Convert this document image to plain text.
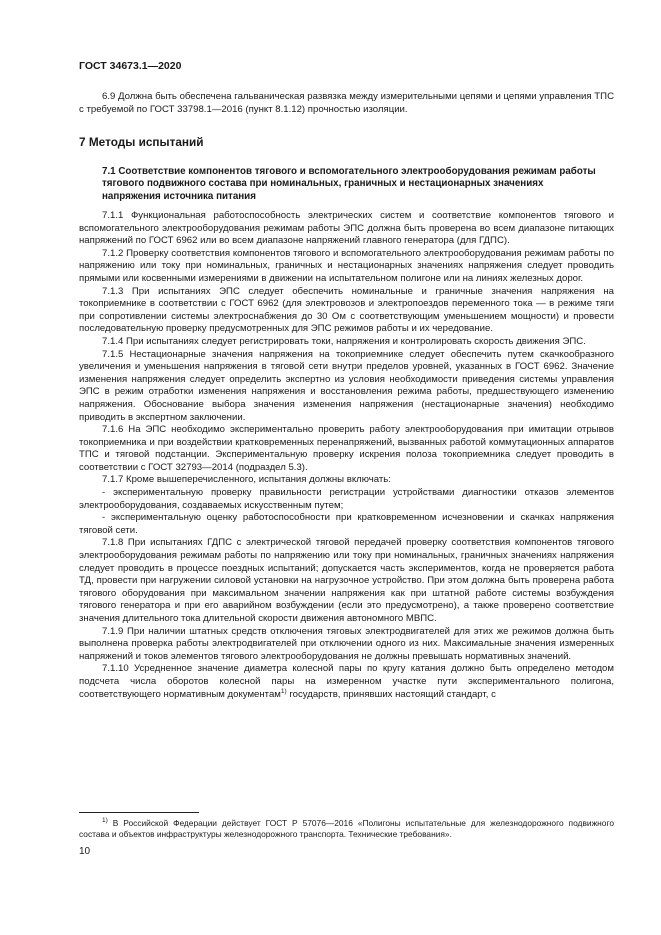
ГОСТ 34673.1—2020

6.9 Должна быть обеспечена гальваническая развязка между измерительными цепями и цепями управления ТПС с требуемой по ГОСТ 33798.1—2016 (пункт 8.1.12) прочностью изоляции.

7 Методы испытаний
7.1 Соответствие компонентов тягового и вспомогательного электрооборудования режимам работы тягового подвижного состава при номинальных, граничных и нестационарных значениях напряжения источника питания

7.1.1 Функциональная работоспособность электрических систем и соответствие компонентов тягового и вспомогательного электрооборудования режимам работы ЭПС должна быть проверена во всем диапазоне питающих напряжений по ГОСТ 6962 или во всем диапазоне напряжений главного генератора (для ГДПС).

7.1.2 Проверку соответствия компонентов тягового и вспомогательного электрооборудования режимам работы по напряжению или току при номинальных, граничных и нестационарных значениях напряжения следует проводить прямыми или косвенными измерениями в движении на испытательном полигоне или на линиях железных дорог.

7.1.3 При испытаниях ЭПС следует обеспечить номинальные и граничные значения напряжения на токоприемнике в соответствии с ГОСТ 6962 (для электровозов и электропоездов переменного тока — в режиме тяги при сопротивлении системы электроснабжения до 30 Ом с соответствующим уменьшением мощности) и провести последовательную проверку предусмотренных для ЭПС режимов работы и их чередование.

7.1.4 При испытаниях следует регистрировать токи, напряжения и контролировать скорость движения ЭПС.

7.1.5 Нестационарные значения напряжения на токоприемнике следует обеспечить путем скачкообразного увеличения и уменьшения напряжения в тяговой сети внутри пределов уровней, указанных в ГОСТ 6962. Значение изменения напряжения следует определить экспертно из условия необходимости приведения системы управления ЭПС в режим отработки изменения напряжения и восстановления режима работы, предшествующего изменению напряжения. Обоснование выбора значения изменения напряжения (нестационарные значения) необходимо приводить в экспертном заключении.

7.1.6 На ЭПС необходимо экспериментально проверить работу электрооборудования при имитации отрывов токоприемника и при воздействии кратковременных перенапряжений, вызванных работой коммутационных аппаратов ТПС и тяговой подстанции. Экспериментальную проверку искрения полоза токоприемника следует проводить в соответствии с ГОСТ 32793—2014 (подраздел 5.3).

7.1.7 Кроме вышеперечисленного, испытания должны включать:

- экспериментальную проверку правильности регистрации устройствами диагностики отказов элементов электрооборудования, создаваемых искусственным путем;

- экспериментальную оценку работоспособности при кратковременном исчезновении и скачках напряжения тяговой сети.

7.1.8 При испытаниях ГДПС с электрической тяговой передачей проверку соответствия компонентов тягового электрооборудования режимам работы по напряжению или току при номинальных, граничных значениях напряжения следует проводить в процессе поездных испытаний; допускается часть экспериментов, когда не проверяется работа ТД, провести при нагружении силовой установки на нагрузочное устройство. При этом должна быть проверена работа тягового оборудования при максимальном значении напряжения как при штатной работе системы возбуждения тягового генератора и при его аварийном возбуждении (если это предусмотрено), а также проверено соответствие значения длительного тока длительной скорости движения автономного МВПС.

7.1.9 При наличии штатных средств отключения тяговых электродвигателей для этих же режимов должна быть выполнена проверка работы электродвигателей при отключении одного из них. Максимальные значения измеренных напряжений и токов элементов тягового электрооборудования не должны превышать нормативных значений.

7.1.10 Усредненное значение диаметра колесной пары по кругу катания должно быть определено методом подсчета числа оборотов колесной пары на измеренном участке пути экспериментального полигона, соответствующего нормативным документам$^{1)}$ государств, принявших настоящий стандарт, с

$^{1)}$ В Российской Федерации действует ГОСТ Р 57076—2016 «Полигоны испытательные для железнодорожного подвижного состава и объектов инфраструктуры железнодорожного транспорта. Технические требования».
10
